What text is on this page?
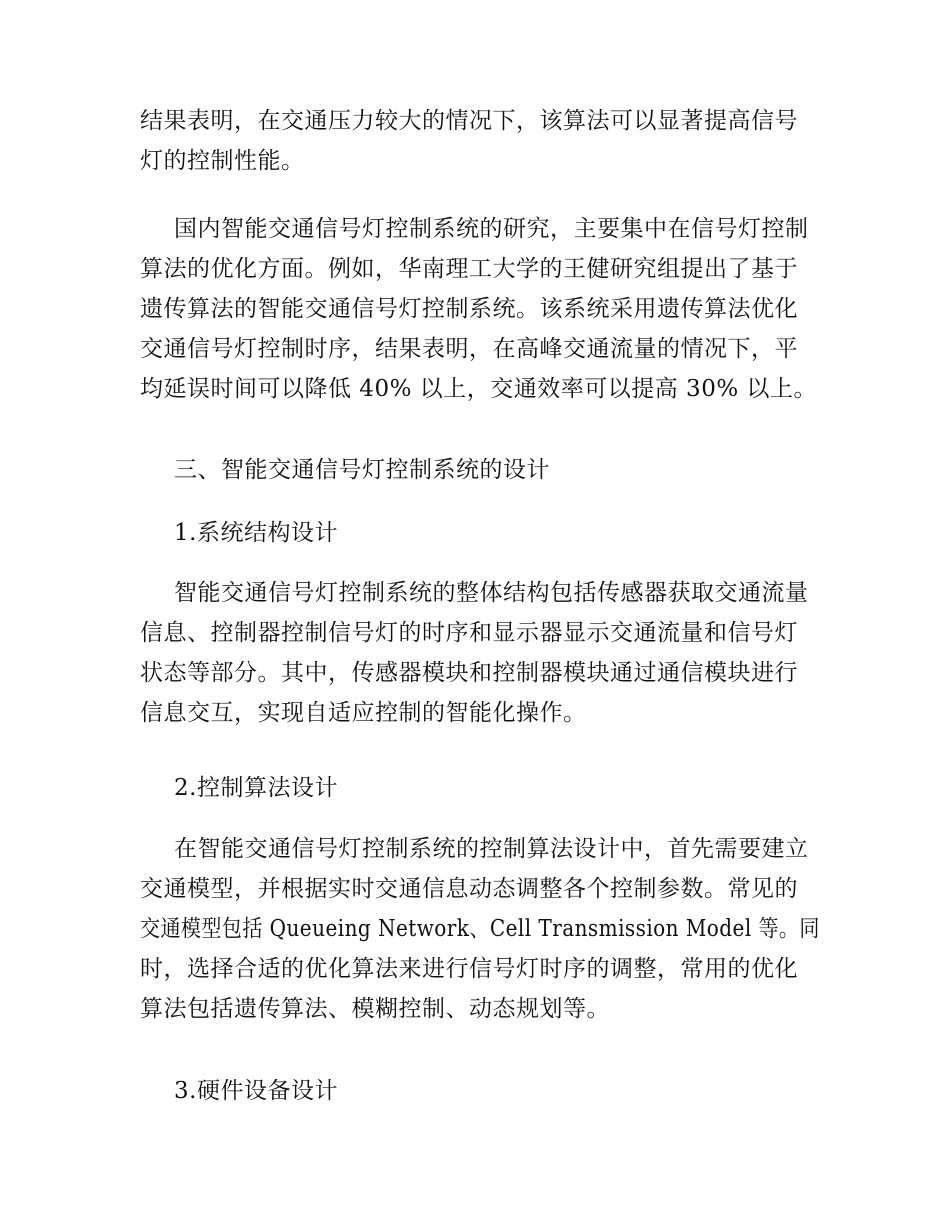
结果表明，在交通压力较大的情况下，该算法可以显著提高信号
灯的控制性能。
国内智能交通信号灯控制系统的研究，主要集中在信号灯控制
算法的优化方面。例如，华南理工大学的王健研究组提出了基于
遗传算法的智能交通信号灯控制系统。该系统采用遗传算法优化
交通信号灯控制时序，结果表明，在高峰交通流量的情况下，平
均延误时间可以降低 40% 以上，交通效率可以提高 30% 以上。
三、智能交通信号灯控制系统的设计
1.系统结构设计
智能交通信号灯控制系统的整体结构包括传感器获取交通流量
信息、控制器控制信号灯的时序和显示器显示交通流量和信号灯
状态等部分。其中，传感器模块和控制器模块通过通信模块进行
信息交互，实现自适应控制的智能化操作。
2.控制算法设计
在智能交通信号灯控制系统的控制算法设计中，首先需要建立
交通模型，并根据实时交通信息动态调整各个控制参数。常见的
交通模型包括 Queueing Network、Cell Transmission Model 等。同
时，选择合适的优化算法来进行信号灯时序的调整，常用的优化
算法包括遗传算法、模糊控制、动态规划等。
3.硬件设备设计
